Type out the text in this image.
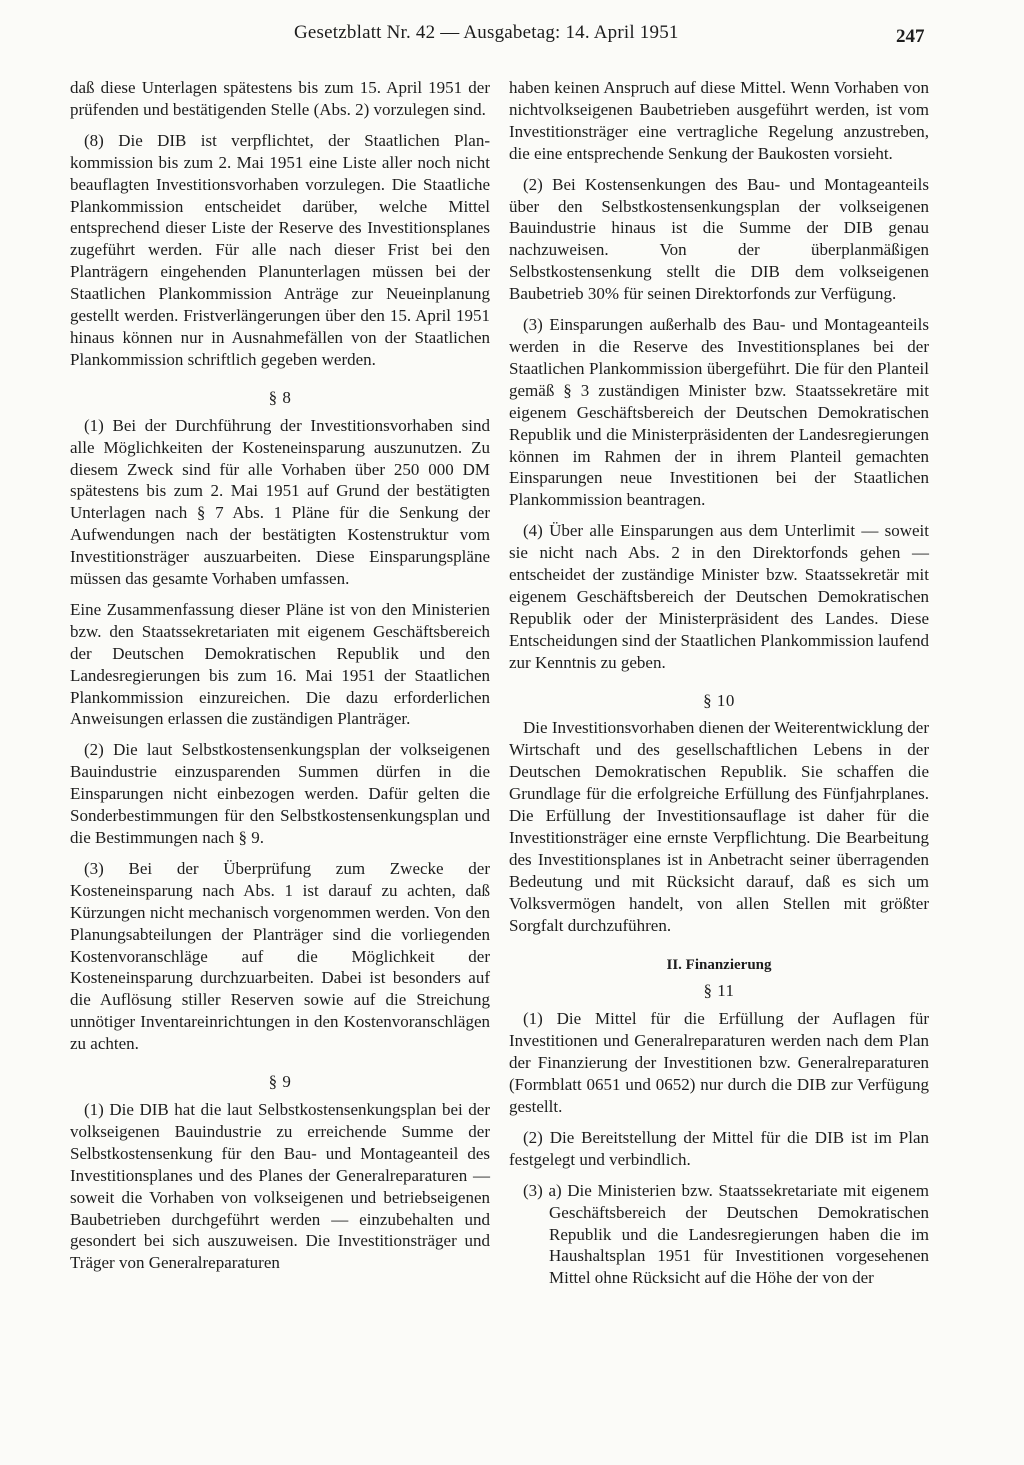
Gesetzblatt Nr. 42 — Ausgabetag: 14. April 1951	247

daß diese Unterlagen spätestens bis zum 15. April 1951 der prüfenden und bestätigenden Stelle (Abs. 2) vorzulegen sind.

(8) Die DIB ist verpflichtet, der Staatlichen Plan-kommission bis zum 2. Mai 1951 eine Liste aller noch nicht beauflagten Investitionsvorhaben vorzulegen. Die Staatliche Plankommission entscheidet darüber, welche Mittel entsprechend dieser Liste der Reserve des Investitionsplanes zugeführt werden. Für alle nach dieser Frist bei den Planträgern eingehenden Planunterlagen müssen bei der Staatlichen Plankommission Anträge zur Neueinplanung gestellt werden. Fristverlängerungen über den 15. April 1951 hinaus können nur in Ausnahmefällen von der Staatlichen Plankommission schriftlich gegeben werden.

§ 8

(1) Bei der Durchführung der Investitionsvorhaben sind alle Möglichkeiten der Kosteneinsparung auszunutzen. Zu diesem Zweck sind für alle Vorhaben über 250 000 DM spätestens bis zum 2. Mai 1951 auf Grund der bestätigten Unterlagen nach § 7 Abs. 1 Pläne für die Senkung der Aufwendungen nach der bestätigten Kostenstruktur vom Investitionsträger auszuarbeiten. Diese Einsparungspläne müssen das gesamte Vorhaben umfassen.

Eine Zusammenfassung dieser Pläne ist von den Ministerien bzw. den Staatssekretariaten mit eigenem Geschäftsbereich der Deutschen Demokratischen Republik und den Landesregierungen bis zum 16. Mai 1951 der Staatlichen Plankommission einzureichen. Die dazu erforderlichen Anweisungen erlassen die zuständigen Planträger.

(2) Die laut Selbstkostensenkungsplan der volkseigenen Bauindustrie einzusparenden Summen dürfen in die Einsparungen nicht einbezogen werden. Dafür gelten die Sonderbestimmungen für den Selbstkostensenkungsplan und die Bestimmungen nach § 9.

(3) Bei der Überprüfung zum Zwecke der Kosteneinsparung nach Abs. 1 ist darauf zu achten, daß Kürzungen nicht mechanisch vorgenommen werden. Von den Planungsabteilungen der Planträger sind die vorliegenden Kostenvoranschläge auf die Möglichkeit der Kosteneinsparung durchzuarbeiten. Dabei ist besonders auf die Auflösung stiller Reserven sowie auf die Streichung unnötiger Inventareinrichtungen in den Kostenvoranschlägen zu achten.

§ 9

(1) Die DIB hat die laut Selbstkostensenkungsplan bei der volkseigenen Bauindustrie zu erreichende Summe der Selbstkostensenkung für den Bau- und Montageanteil des Investitionsplanes und des Planes der Generalreparaturen — soweit die Vorhaben von volkseigenen und betriebseigenen Baubetrieben durchgeführt werden — einzubehalten und gesondert bei sich auszuweisen. Die Investitionsträger und Träger von Generalreparaturen

haben keinen Anspruch auf diese Mittel. Wenn Vorhaben von nichtvolkseigenen Baubetrieben ausgeführt werden, ist vom Investitionsträger eine vertragliche Regelung anzustreben, die eine entsprechende Senkung der Baukosten vorsieht.

(2) Bei Kostensenkungen des Bau- und Montageanteils über den Selbstkostensenkungsplan der volkseigenen Bauindustrie hinaus ist die Summe der DIB genau nachzuweisen. Von der überplanmäßigen Selbstkostensenkung stellt die DIB dem volkseigenen Baubetrieb 30% für seinen Direktorfonds zur Verfügung.

(3) Einsparungen außerhalb des Bau- und Montageanteils werden in die Reserve des Investitionsplanes bei der Staatlichen Plankommission übergeführt. Die für den Planteil gemäß § 3 zuständigen Minister bzw. Staatssekretäre mit eigenem Geschäftsbereich der Deutschen Demokratischen Republik und die Ministerpräsidenten der Landesregierungen können im Rahmen der in ihrem Planteil gemachten Einsparungen neue Investitionen bei der Staatlichen Plankommission beantragen.

(4) Über alle Einsparungen aus dem Unterlimit — soweit sie nicht nach Abs. 2 in den Direktorfonds gehen — entscheidet der zuständige Minister bzw. Staatssekretär mit eigenem Geschäftsbereich der Deutschen Demokratischen Republik oder der Ministerpräsident des Landes. Diese Entscheidungen sind der Staatlichen Plankommission laufend zur Kenntnis zu geben.

§ 10

Die Investitionsvorhaben dienen der Weiterentwicklung der Wirtschaft und des gesellschaftlichen Lebens in der Deutschen Demokratischen Republik. Sie schaffen die Grundlage für die erfolgreiche Erfüllung des Fünfjahrplanes. Die Erfüllung der Investitionsauflage ist daher für die Investitionsträger eine ernste Verpflichtung. Die Bearbeitung des Investitionsplanes ist in Anbetracht seiner überragenden Bedeutung und mit Rücksicht darauf, daß es sich um Volksvermögen handelt, von allen Stellen mit größter Sorgfalt durchzuführen.

II. Finanzierung
§ 11

(1) Die Mittel für die Erfüllung der Auflagen für Investitionen und Generalreparaturen werden nach dem Plan der Finanzierung der Investitionen bzw. Generalreparaturen (Formblatt 0651 und 0652) nur durch die DIB zur Verfügung gestellt.

(2) Die Bereitstellung der Mittel für die DIB ist im Plan festgelegt und verbindlich.

(3) a) Die Ministerien bzw. Staatssekretariate mit eigenem Geschäftsbereich der Deutschen Demokratischen Republik und die Landesregierungen haben die im Haushaltsplan 1951 für Investitionen vorgesehenen Mittel ohne Rücksicht auf die Höhe der von der
